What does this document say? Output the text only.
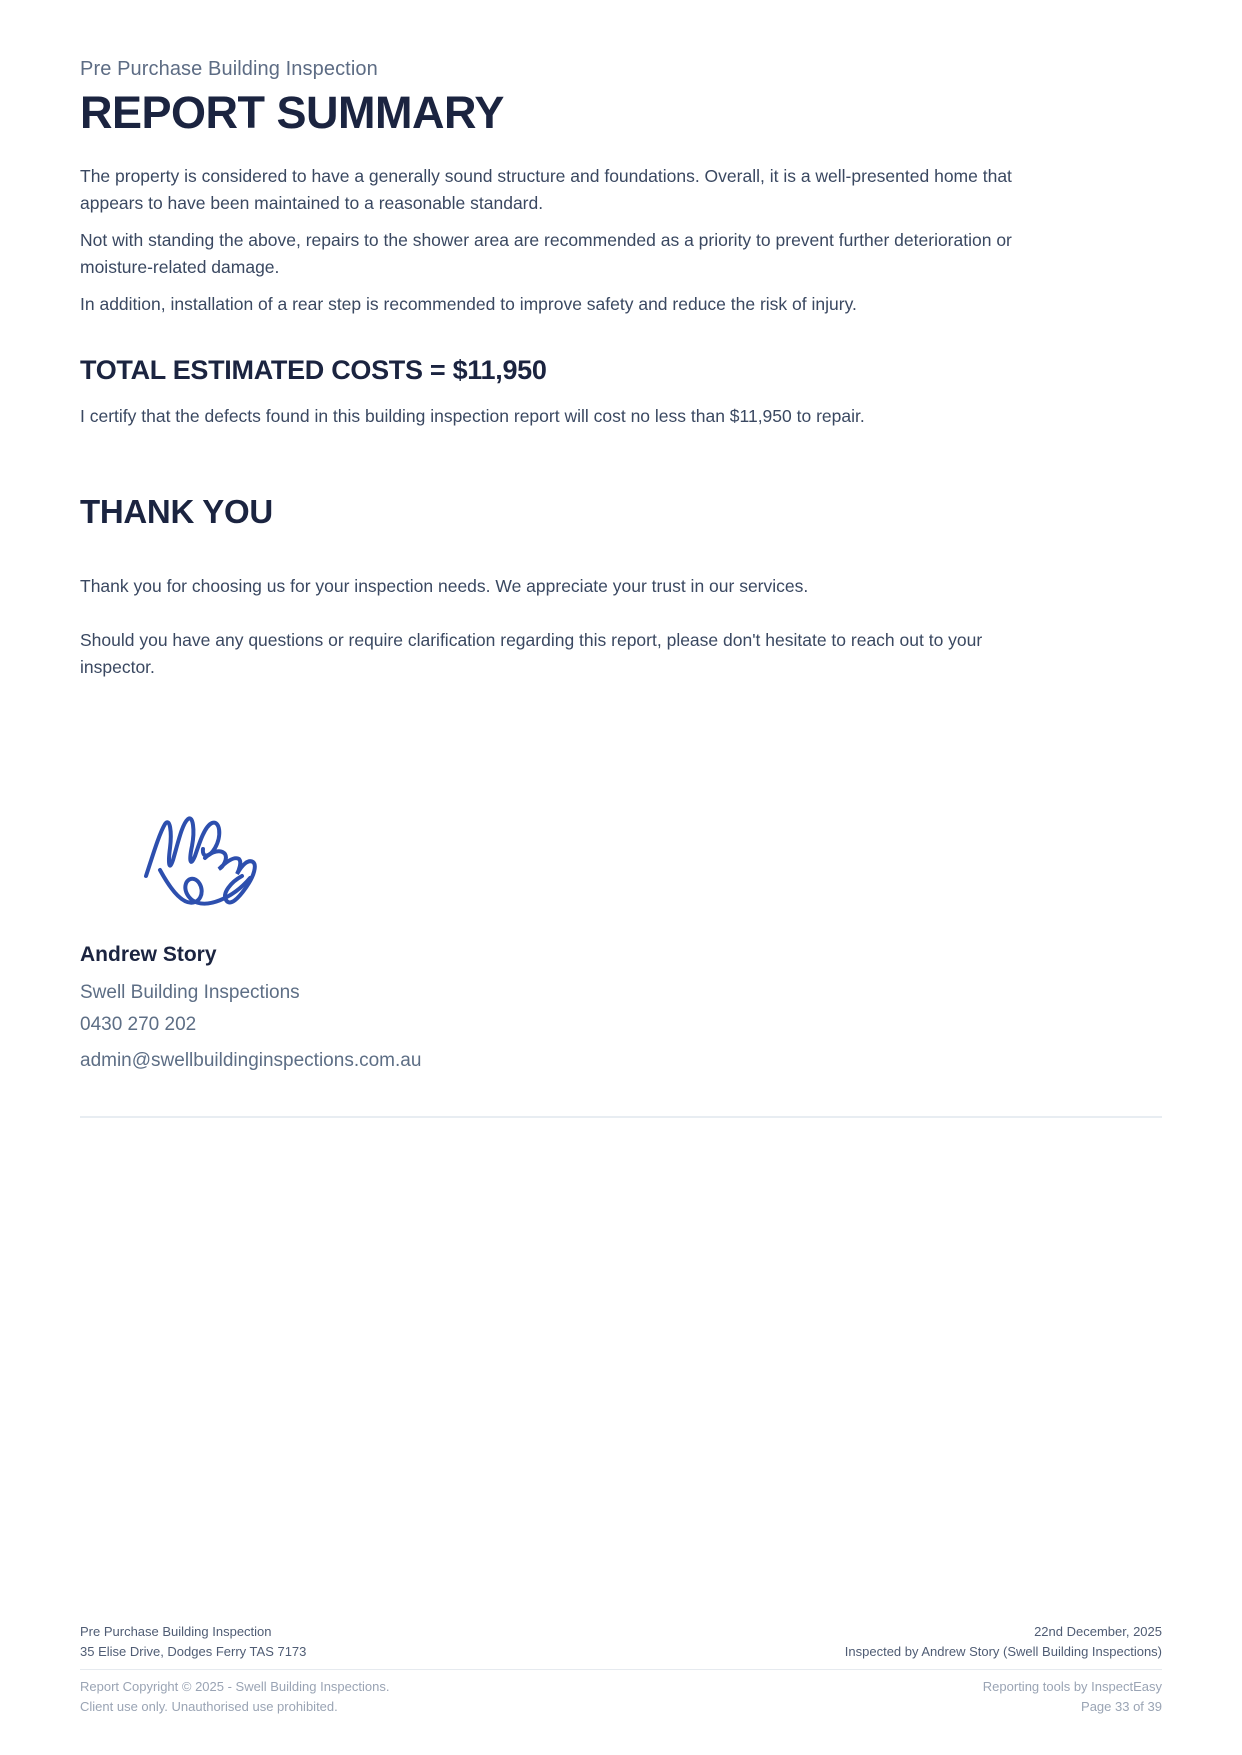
Pre Purchase Building Inspection
REPORT SUMMARY

The property is considered to have a generally sound structure and foundations. Overall, it is a well-presented home that appears to have been maintained to a reasonable standard.

Not with standing the above, repairs to the shower area are recommended as a priority to prevent further deterioration or moisture-related damage.

In addition, installation of a rear step is recommended to improve safety and reduce the risk of injury.

TOTAL ESTIMATED COSTS = $11,950

I certify that the defects found in this building inspection report will cost no less than $11,950 to repair.

THANK YOU

Thank you for choosing us for your inspection needs. We appreciate your trust in our services.

Should you have any questions or require clarification regarding this report, please don't hesitate to reach out to your inspector.

Andrew Story
Swell Building Inspections
0430 270 202
admin@swellbuildinginspections.com.au
Pre Purchase Building Inspection
35 Elise Drive, Dodges Ferry TAS 7173
22nd December, 2025
Inspected by Andrew Story (Swell Building Inspections)
Report Copyright © 2025 - Swell Building Inspections.
Client use only. Unauthorised use prohibited.
Reporting tools by InspectEasy
Page 33 of 39
